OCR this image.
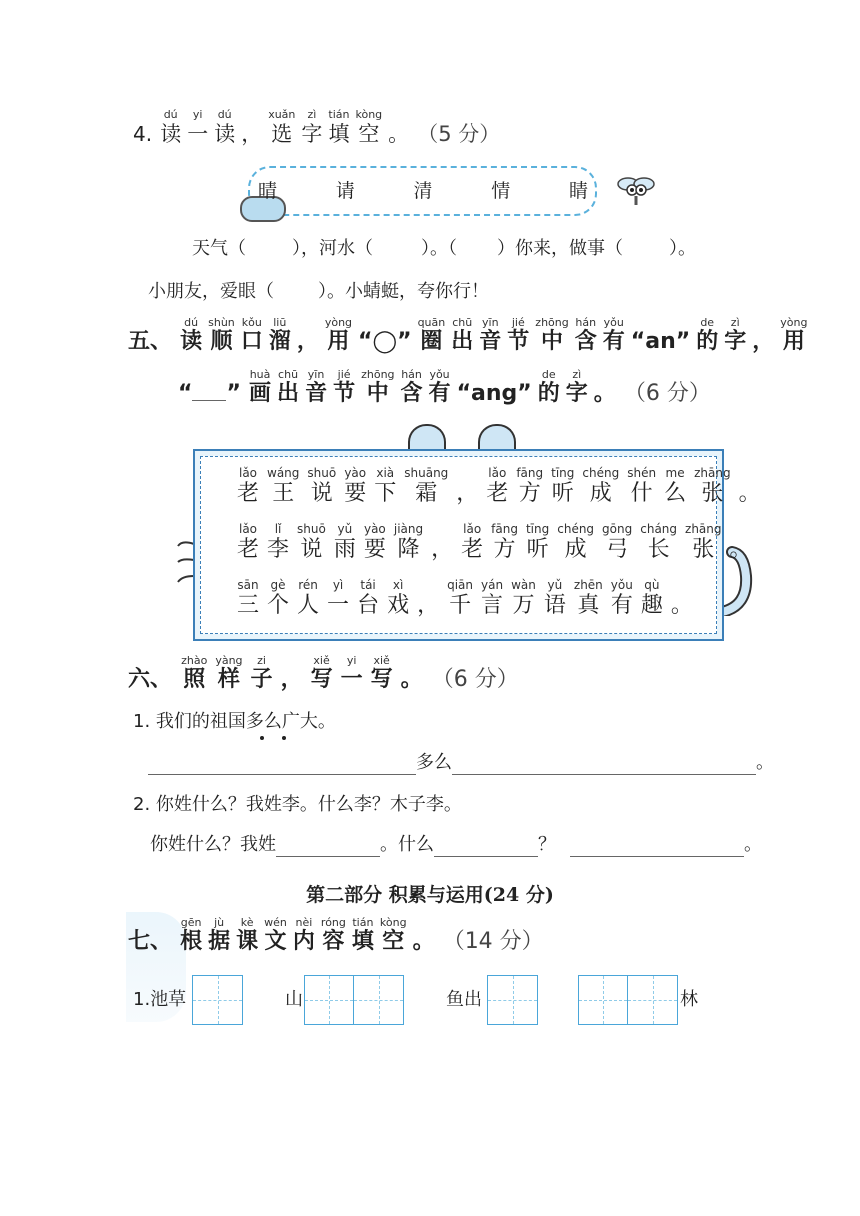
4.
dú
读
yi
一
dú
读
，
xuǎn
选
zì
字
tián
填
kòng
空
。 （5 分）
晴	请	清	情	睛
天气（	），河水（	）。（ ）你来，做事（	）。
小朋友，爱眼（ ）。小蜻蜓，夸你行！
五、
dú
读
shùn
顺
kǒu
口
liū
溜
，
yòng
用
“◯”
quān
圈
chū
出
yīn
音
jié
节
zhōng
中
hán
含
yǒu
有
“an”
de
的
zì
字
，
yòng
用
“ ”
huà
画
chū
出
yīn
音
jié
节
zhōng
中
hán
含
yǒu
有
“ang”
de
的
zì
字
。 （6 分）
lǎo
老
wáng
王
shuō
说
yào
要
xià
下
shuāng
霜
，
lǎo
老
fāng
方
tīng
听
chéng
成
shén
什
me
么
zhāng
张
。
lǎo
老
lǐ
李
shuō
说
yǔ
雨
yào
要
jiàng
降
，
lǎo
老
fāng
方
tīng
听
chéng
成
gōng
弓
cháng
长
zhāng
张
。
sān
三
gè
个
rén
人
yì
一
tái
台
xì
戏
，
qiān
千
yán
言
wàn
万
yǔ
语
zhēn
真
yǒu
有
qù
趣
。
六、
zhào
照
yàng
样
zi
子
，
xiě
写
yi
一
xiě
写
。 （6 分）
1. 我们的祖国多么广大。
多么	。
2. 你姓什么？我姓李。什么李？木子李。
你姓什么？我姓	。什么	？	。
第二部分 积累与运用(24 分)
七、
gēn
根
jù
据
kè
课
wén
文
nèi
内
róng
容
tián
填
kòng
空
。 （14 分）
1.池草	山	鱼出	林
